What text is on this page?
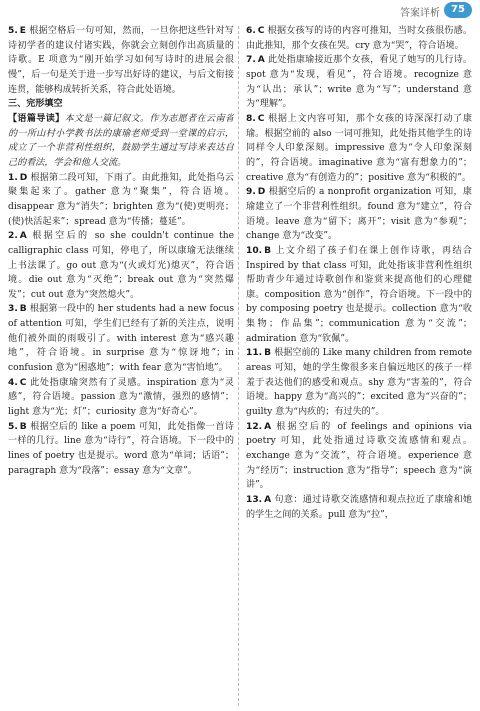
答案详析	75

5. E 根据空格后一句可知，然而，一旦你把这些针对写诗初学者的建议付诸实践，你就会立刻创作出高质量的诗歌。E 项意为“刚开始学习如何写诗时的进展会很慢”，后一句是关于进一步写出好诗的建议，与后文衔接连贯，能够构成转折关系，符合此处语境。

三、完形填空

【语篇导读】本文是一篇记叙文。作为志愿者在云南省的一所山村小学教书法的康瑜老师受到一堂课的启示，成立了一个非营利性组织，鼓励学生通过写诗来表达自己的看法，学会和他人交流。

1. D 根据第二段可知，下雨了。由此推知，此处指乌云聚集起来了。gather 意为“聚集”，符合语境。disappear 意为“消失”；brighten 意为“(使)更明亮；(使)快活起来”；spread 意为“传播；蔓延”。

2. A 根据空后的 so she couldn't continue the calligraphic class 可知，停电了，所以康瑜无法继续上书法课了。go out 意为“(火或灯光)熄灭”，符合语境。die out 意为“灭绝”；break out 意为“突然爆发”；cut out 意为“突然熄火”。

3. B 根据第一段中的 her students had a new focus of attention 可知，学生们已经有了新的关注点，说明他们被外面的雨吸引了。with interest 意为“感兴趣地”，符合语境。in surprise 意为“惊讶地”；in confusion 意为“困惑地”；with fear 意为“害怕地”。

4. C 此处指康瑜突然有了灵感。inspiration 意为“灵感”，符合语境。passion 意为“激情，强烈的感情”；light 意为“光；灯”；curiosity 意为“好奇心”。

5. B 根据空后的 like a poem 可知，此处指像一首诗一样的几行。line 意为“诗行”，符合语境。下一段中的 lines of poetry 也是提示。word 意为“单词；话语”；paragraph 意为“段落”；essay 意为“文章”。

6. C 根据女孩写的诗的内容可推知，当时女孩很伤感。由此推知，那个女孩在哭。cry 意为“哭”，符合语境。

7. A 此处指康瑜接近那个女孩，看见了她写的几行诗。spot 意为“发现，看见”，符合语境。recognize 意为“认出；承认”；write 意为“写”；understand 意为“理解”。

8. C 根据上文内容可知，那个女孩的诗深深打动了康瑜。根据空前的 also 一词可推知，此处指其他学生的诗同样令人印象深刻。impressive 意为“令人印象深刻的”，符合语境。imaginative 意为“富有想象力的”；creative 意为“有创造力的”；positive 意为“积极的”。

9. D 根据空后的 a nonprofit organization 可知，康瑜建立了一个非营利性组织。found 意为“建立”，符合语境。leave 意为“留下；离开”；visit 意为“参观”；change 意为“改变”。

10. B 上文介绍了孩子们在课上创作诗歌，再结合 Inspired by that class 可知，此处指该非营利性组织帮助青少年通过诗歌创作和鉴赏来提高他们的心理健康。composition 意为“创作”，符合语境。下一段中的 by composing poetry 也是提示。collection 意为“收集物；作品集”；communication 意为“交流”；admiration 意为“钦佩”。

11. B 根据空前的 Like many children from remote areas 可知，她的学生像很多来自偏远地区的孩子一样羞于表达他们的感受和观点。shy 意为“害羞的”，符合语境。happy 意为“高兴的”；excited 意为“兴奋的”；guilty 意为“内疚的；有过失的”。

12. A 根据空后的 of feelings and opinions via poetry 可知，此处指通过诗歌交流感情和观点。exchange 意为“交流”，符合语境。experience 意为“经历”；instruction 意为“指导”；speech 意为“演讲”。

13. A 句意：通过诗歌交流感情和观点拉近了康瑜和她的学生之间的关系。pull 意为“拉”，
